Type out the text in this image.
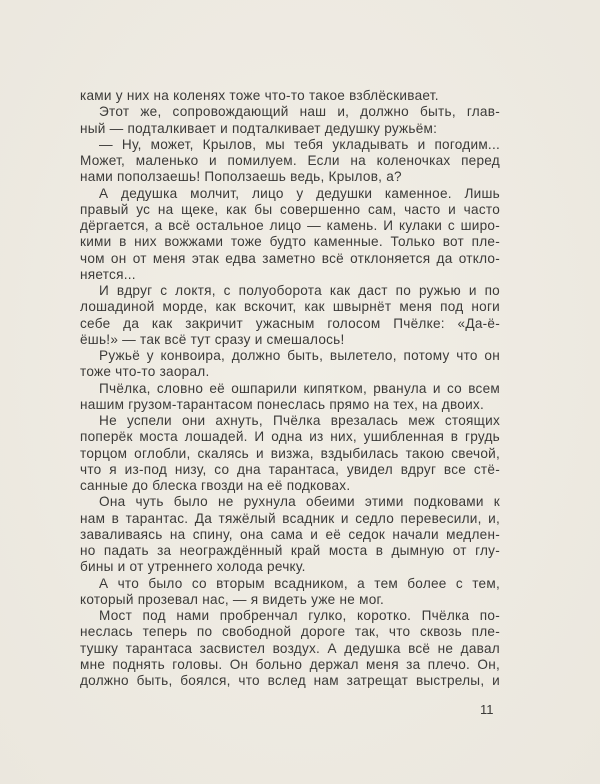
ками у них на коленях тоже что-то такое взблёскивает.
Этот же, сопровождающий наш и, должно быть, глав-
ный — подталкивает и подталкивает дедушку ружьём:
— Ну, может, Крылов, мы тебя укладывать и погодим...
Может, маленько и помилуем. Если на коленочках перед
нами поползаешь! Поползаешь ведь, Крылов, а?
А дедушка молчит, лицо у дедушки каменное. Лишь
правый ус на щеке, как бы совершенно сам, часто и часто
дёргается, а всё остальное лицо — камень. И кулаки с широ-
кими в них вожжами тоже будто каменные. Только вот пле-
чом он от меня этак едва заметно всё отклоняется да откло-
няется...
И вдруг с локтя, с полуоборота как даст по ружью и по
лошадиной морде, как вскочит, как швырнёт меня под ноги
себе да как закричит ужасным голосом Пчёлке: «Да-ё-
ёшь!» — так всё тут сразу и смешалось!
Ружьё у конвоира, должно быть, вылетело, потому что он
тоже что-то заорал.
Пчёлка, словно её ошпарили кипятком, рванула и со всем
нашим грузом-тарантасом понеслась прямо на тех, на двоих.
Не успели они ахнуть, Пчёлка врезалась меж стоящих
поперёк моста лошадей. И одна из них, ушибленная в грудь
торцом оглобли, скалясь и визжа, вздыбилась такою свечой,
что я из-под низу, со дна тарантаса, увидел вдруг все стё-
санные до блеска гвозди на её подковах.
Она чуть было не рухнула обеими этими подковами к
нам в тарантас. Да тяжёлый всадник и седло перевесили, и,
заваливаясь на спину, она сама и её седок начали медлен-
но падать за неограждённый край моста в дымную от глу-
бины и от утреннего холода речку.
А что было со вторым всадником, а тем более с тем,
который прозевал нас, — я видеть уже не мог.
Мост под нами пробренчал гулко, коротко. Пчёлка по-
неслась теперь по свободной дороге так, что сквозь пле-
тушку тарантаса засвистел воздух. А дедушка всё не давал
мне поднять головы. Он больно держал меня за плечо. Он,
должно быть, боялся, что вслед нам затрещат выстрелы, и
11
